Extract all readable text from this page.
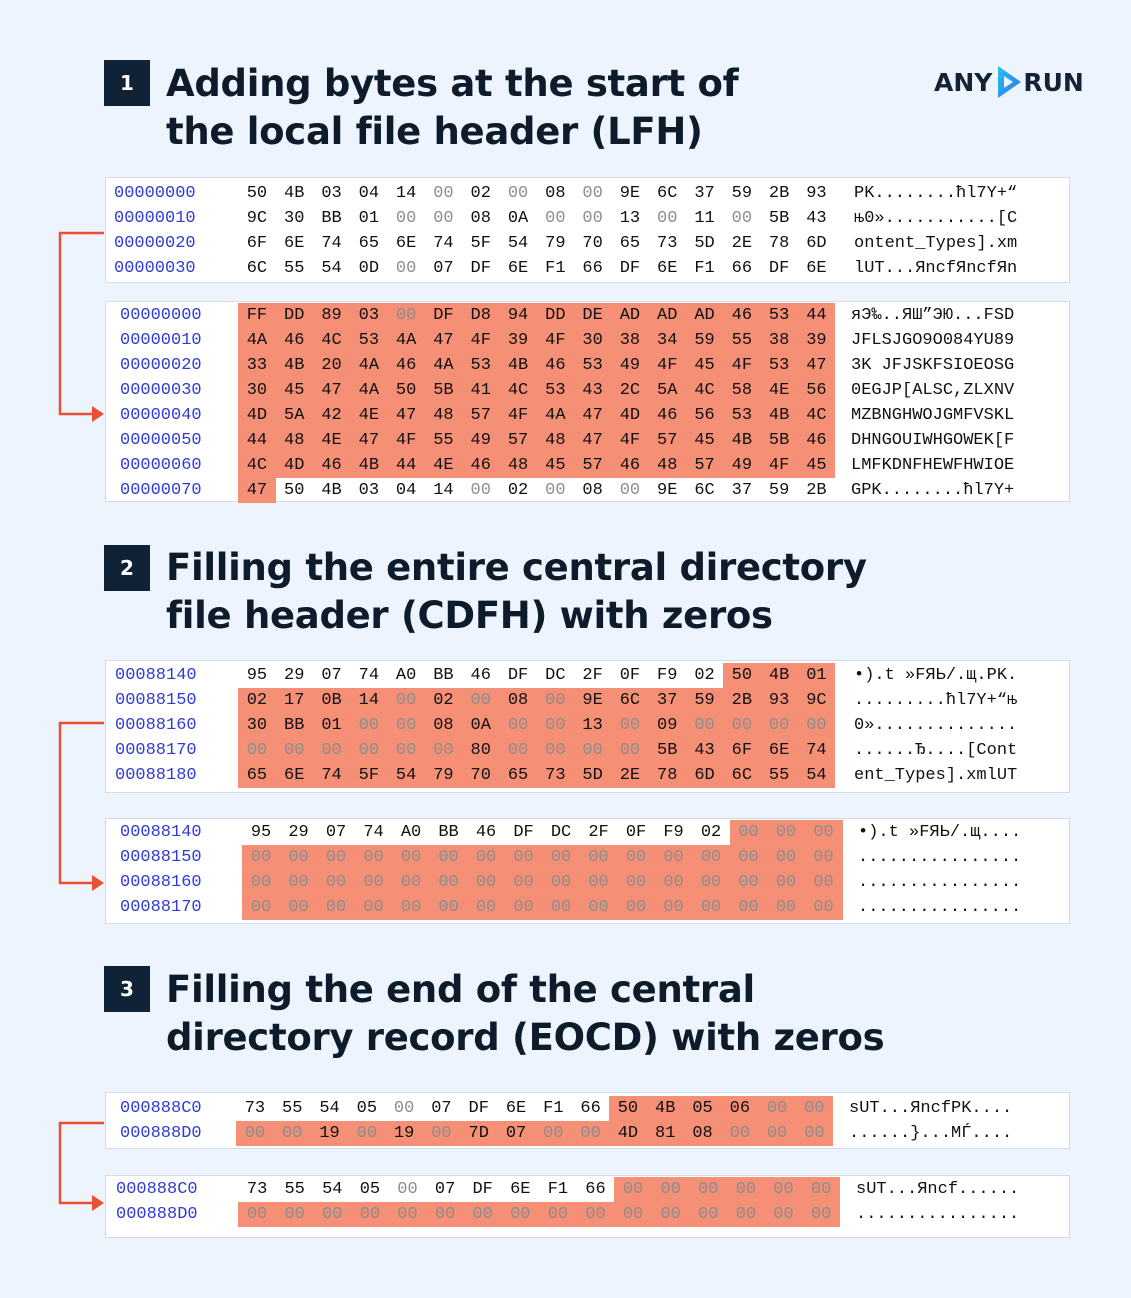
1 Adding bytes at the start of
the local file header (LFH)
ANY RUN
2 Filling the entire central directory
file header (CDFH) with zeros
3 Filling the end of the central
directory record (EOCD) with zeros
00000000	50 4B 03 04 14 00 02 00 08 00 9E 6C 37 59 2B 93	PK........ћl7Y+“
00000010	9C 30 BB 01 00 00 08 0A 00 00 13 00 11 00 5B 43	њ0»...........[C
00000020	6F 6E 74 65 6E 74 5F 54 79 70 65 73 5D 2E 78 6D	ontent_Types].xm
00000030	6C 55 54 0D 00 07 DF 6E F1 66 DF 6E F1 66 DF 6E	lUT...ЯncfЯncfЯn
00000000	FF DD 89 03 00 DF D8 94 DD DE AD AD AD 46 53 44	яЭ‰..ЯШ”ЭЮ...FSD
00000010	4A 46 4C 53 4A 47 4F 39 4F 30 38 34 59 55 38 39	JFLSJGO9O084YU89
00000020	33 4B 20 4A 46 4A 53 4B 46 53 49 4F 45 4F 53 47	3K JFJSKFSIOEOSG
00000030	30 45 47 4A 50 5B 41 4C 53 43 2C 5A 4C 58 4E 56	0EGJP[ALSC,ZLXNV
00000040	4D 5A 42 4E 47 48 57 4F 4A 47 4D 46 56 53 4B 4C	MZBNGHWOJGMFVSKL
00000050	44 48 4E 47 4F 55 49 57 48 47 4F 57 45 4B 5B 46	DHNGOUIWHGOWEK[F
00000060	4C 4D 46 4B 44 4E 46 48 45 57 46 48 57 49 4F 45	LMFKDNFHEWFHWIOE
00000070	47 50 4B 03 04 14 00 02 00 08 00 9E 6C 37 59 2B	GPK........ћl7Y+
00088140	95 29 07 74 A0 BB 46 DF DC 2F 0F F9 02 50 4B 01	•).t »FЯЬ/.щ.PK.
00088150	02 17 0B 14 00 02 00 08 00 9E 6C 37 59 2B 93 9C	.........ћl7Y+“њ
00088160	30 BB 01 00 00 08 0A 00 00 13 00 09 00 00 00 00	0»..............
00088170	00 00 00 00 00 00 80 00 00 00 00 5B 43 6F 6E 74	......Ђ....[Cont
00088180	65 6E 74 5F 54 79 70 65 73 5D 2E 78 6D 6C 55 54	ent_Types].xmlUT
00088140	95	29	07	74	A0	BB	46	DF	DC	2F	0F	F9	02	00	00	00	•).t »FЯЬ/.щ....
00088150	00	00	00	00	00	00	00	00	00	00	00	00	00	00	00	00	................
00088160	00	00	00	00	00	00	00	00	00	00	00	00	00	00	00	00	................
00088170	00	00	00	00	00	00	00	00	00	00	00	00	00	00	00	00	................
000888C0	73 55 54 05 00 07 DF 6E F1 66 50 4B 05 06 00 00	sUT...ЯncfPK....
000888D0	00 00 19 00 19 00 7D 07 00 00 4D 81 08 00 00 00	......}...MЃ....
000888C0	73	55	54	05	00	07	DF	6E	F1	66	00	00	00	00	00	00	sUT...Яncf......
000888D0	00	00	00	00	00	00	00	00	00	00	00	00	00	00	00	00	................
